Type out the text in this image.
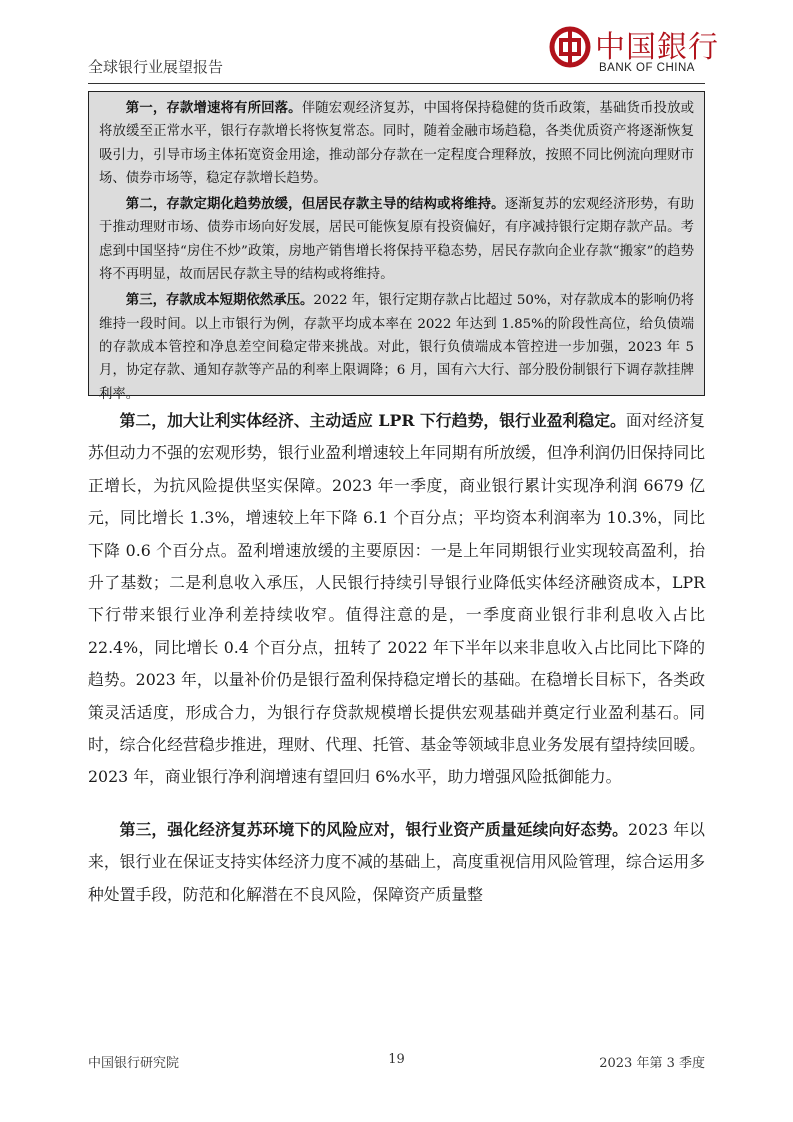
全球银行业展望报告
中国銀行
BANK OF CHINA

第一，存款增速将有所回落。伴随宏观经济复苏，中国将保持稳健的货币政策，基础货币投放或将放缓至正常水平，银行存款增长将恢复常态。同时，随着金融市场趋稳，各类优质资产将逐渐恢复吸引力，引导市场主体拓宽资金用途，推动部分存款在一定程度合理释放，按照不同比例流向理财市场、债券市场等，稳定存款增长趋势。

第二，存款定期化趋势放缓，但居民存款主导的结构或将维持。逐渐复苏的宏观经济形势，有助于推动理财市场、债券市场向好发展，居民可能恢复原有投资偏好，有序减持银行定期存款产品。考虑到中国坚持“房住不炒”政策，房地产销售增长将保持平稳态势，居民存款向企业存款“搬家”的趋势将不再明显，故而居民存款主导的结构或将维持。

第三，存款成本短期依然承压。2022 年，银行定期存款占比超过 50%，对存款成本的影响仍将维持一段时间。以上市银行为例，存款平均成本率在 2022 年达到 1.85%的阶段性高位，给负债端的存款成本管控和净息差空间稳定带来挑战。对此，银行负债端成本管控进一步加强，2023 年 5 月，协定存款、通知存款等产品的利率上限调降；6 月，国有六大行、部分股份制银行下调存款挂牌利率。

第二，加大让利实体经济、主动适应 LPR 下行趋势，银行业盈利稳定。面对经济复苏但动力不强的宏观形势，银行业盈利增速较上年同期有所放缓，但净利润仍旧保持同比正增长，为抗风险提供坚实保障。2023 年一季度，商业银行累计实现净利润 6679 亿元，同比增长 1.3%，增速较上年下降 6.1 个百分点；平均资本利润率为 10.3%，同比下降 0.6 个百分点。盈利增速放缓的主要原因：一是上年同期银行业实现较高盈利，抬升了基数；二是利息收入承压，人民银行持续引导银行业降低实体经济融资成本，LPR 下行带来银行业净利差持续收窄。值得注意的是，一季度商业银行非利息收入占比 22.4%，同比增长 0.4 个百分点，扭转了 2022 年下半年以来非息收入占比同比下降的趋势。2023 年，以量补价仍是银行盈利保持稳定增长的基础。在稳增长目标下，各类政策灵活适度，形成合力，为银行存贷款规模增长提供宏观基础并奠定行业盈利基石。同时，综合化经营稳步推进，理财、代理、托管、基金等领域非息业务发展有望持续回暖。2023 年，商业银行净利润增速有望回归 6%水平，助力增强风险抵御能力。

第三，强化经济复苏环境下的风险应对，银行业资产质量延续向好态势。2023 年以来，银行业在保证支持实体经济力度不减的基础上，高度重视信用风险管理，综合运用多种处置手段，防范和化解潜在不良风险，保障资产质量整

中国银行研究院	19	2023 年第 3 季度
